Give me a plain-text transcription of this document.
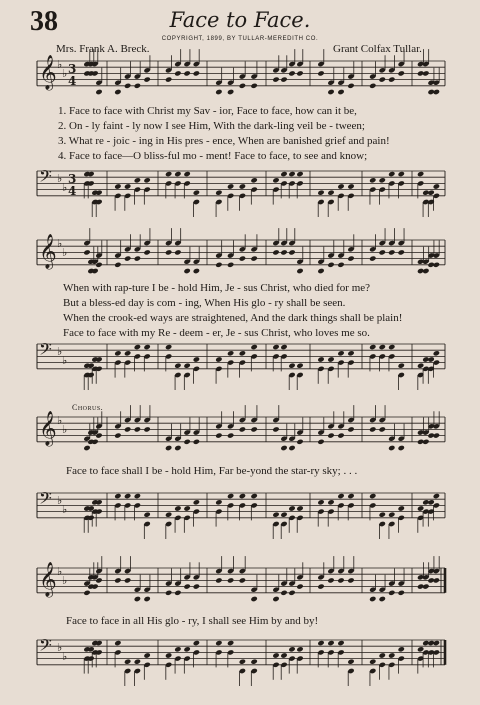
38	Face to Face.
COPYRIGHT, 1899, BY TULLAR-MEREDITH CO.
Mrs. Frank A. Breck.	Grant Colfax Tullar.
𝄞 ♭
♭ 3
4
𝄢 ♭
♭
3
4
𝄞 ♭
♭
𝄢 ♭
♭
𝄞 ♭
♭
𝄢 ♭
♭
𝄞 ♭
♭
𝄢 ♭
♭
1. Face to face with Christ my Sav - ior, Face to face, how can it be,
2. On - ly faint - ly now I see Him, With the dark-ling veil be - tween;
3. What re - joic - ing in His pres - ence, When are banished grief and pain!
4. Face to face—O bliss-ful mo - ment! Face to face, to see and know;
When with rap-ture I be - hold Him, Je - sus Christ, who died for me?
But a bless-ed day is com - ing, When His glo - ry shall be seen.
When the crook-ed ways are straightened, And the dark things shall be plain!
Face to face with my Re - deem - er, Je - sus Christ, who loves me so.
Chorus.
Face to face shall I be - hold Him, Far be-yond the star-ry sky; . . .
Face to face in all His glo - ry, I shall see Him by and by!
